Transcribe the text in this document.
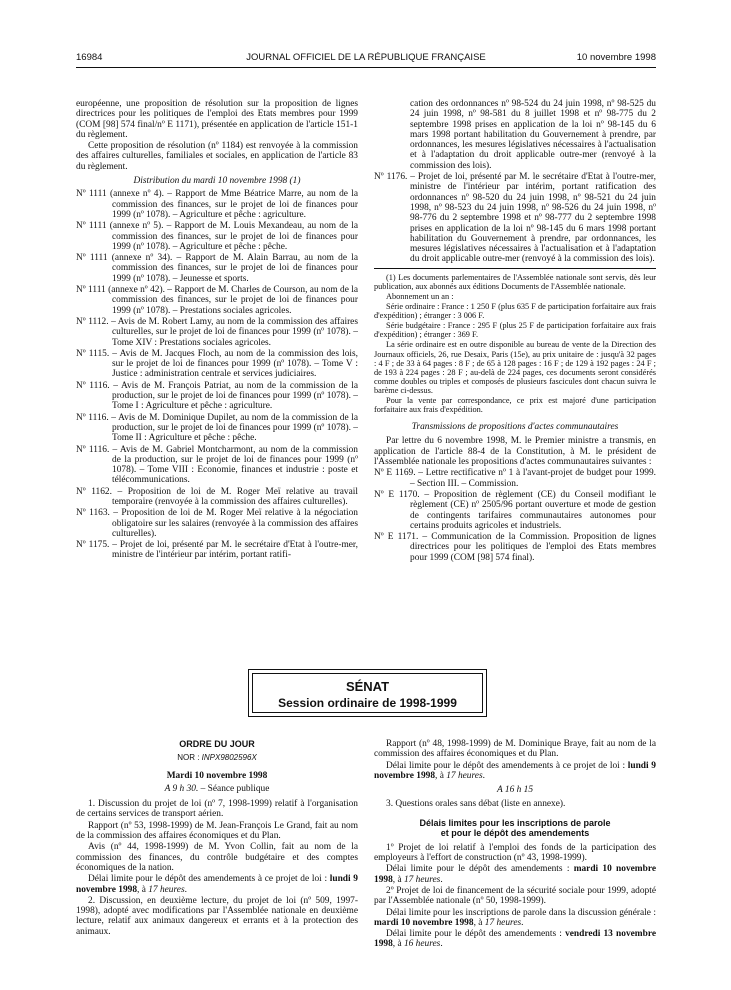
16984	JOURNAL OFFICIEL DE LA RÉPUBLIQUE FRANÇAISE	10 novembre 1998

européenne, une proposition de résolution sur la proposition de lignes directrices pour les politiques de l'emploi des Etats membres pour 1999 (COM [98] 574 final/nº E 1171), présentée en application de l'article 151-1 du règlement.

Cette proposition de résolution (nº 1184) est renvoyée à la commission des affaires culturelles, familiales et sociales, en application de l'article 83 du règlement.

Distribution du mardi 10 novembre 1998 (1)

Nº 1111 (annexe nº 4). – Rapport de Mme Béatrice Marre, au nom de la commission des finances, sur le projet de loi de finances pour 1999 (nº 1078). – Agriculture et pêche : agriculture.

Nº 1111 (annexe nº 5). – Rapport de M. Louis Mexandeau, au nom de la commission des finances, sur le projet de loi de finances pour 1999 (nº 1078). – Agriculture et pêche : pêche.

Nº 1111 (annexe nº 34). – Rapport de M. Alain Barrau, au nom de la commission des finances, sur le projet de loi de finances pour 1999 (nº 1078). – Jeunesse et sports.

Nº 1111 (annexe nº 42). – Rapport de M. Charles de Courson, au nom de la commission des finances, sur le projet de loi de finances pour 1999 (nº 1078). – Prestations sociales agricoles.

Nº 1112. – Avis de M. Robert Lamy, au nom de la commission des affaires culturelles, sur le projet de loi de finances pour 1999 (nº 1078). – Tome XIV : Prestations sociales agricoles.

Nº 1115. – Avis de M. Jacques Floch, au nom de la commission des lois, sur le projet de loi de finances pour 1999 (nº 1078). – Tome V : Justice : administration centrale et services judiciaires.

Nº 1116. – Avis de M. François Patriat, au nom de la commission de la production, sur le projet de loi de finances pour 1999 (nº 1078). – Tome I : Agriculture et pêche : agriculture.

Nº 1116. – Avis de M. Dominique Dupilet, au nom de la commission de la production, sur le projet de loi de finances pour 1999 (nº 1078). – Tome II : Agriculture et pêche : pêche.

Nº 1116. – Avis de M. Gabriel Montcharmont, au nom de la commission de la production, sur le projet de loi de finances pour 1999 (nº 1078). – Tome VIII : Economie, finances et industrie : poste et télécommunications.

Nº 1162. – Proposition de loi de M. Roger Meï relative au travail temporaire (renvoyée à la commission des affaires culturelles).

Nº 1163. – Proposition de loi de M. Roger Meï relative à la négociation obligatoire sur les salaires (renvoyée à la commission des affaires culturelles).

Nº 1175. – Projet de loi, présenté par M. le secrétaire d'Etat à l'outre-mer, ministre de l'intérieur par intérim, portant ratifi-

cation des ordonnances nº 98-524 du 24 juin 1998, nº 98-525 du 24 juin 1998, nº 98-581 du 8 juillet 1998 et nº 98-775 du 2 septembre 1998 prises en application de la loi nº 98-145 du 6 mars 1998 portant habilitation du Gouvernement à prendre, par ordonnances, les mesures législatives nécessaires à l'actualisation et à l'adaptation du droit applicable outre-mer (renvoyé à la commission des lois).

Nº 1176. – Projet de loi, présenté par M. le secrétaire d'Etat à l'outre-mer, ministre de l'intérieur par intérim, portant ratification des ordonnances nº 98-520 du 24 juin 1998, nº 98-521 du 24 juin 1998, nº 98-523 du 24 juin 1998, nº 98-526 du 24 juin 1998, nº 98-776 du 2 septembre 1998 et nº 98-777 du 2 septembre 1998 prises en application de la loi nº 98-145 du 6 mars 1998 portant habilitation du Gouvernement à prendre, par ordonnances, les mesures législatives nécessaires à l'actualisation et à l'adaptation du droit applicable outre-mer (renvoyé à la commission des lois).

(1) Les documents parlementaires de l'Assemblée nationale sont servis, dès leur publication, aux abonnés aux éditions Documents de l'Assemblée nationale.

Abonnement un an :

Série ordinaire : France : 1 250 F (plus 635 F de participation forfaitaire aux frais d'expédition) ; étranger : 3 006 F.

Série budgétaire : France : 295 F (plus 25 F de participation forfaitaire aux frais d'expédition) ; étranger : 369 F.

La série ordinaire est en outre disponible au bureau de vente de la Direction des Journaux officiels, 26, rue Desaix, Paris (15e), au prix unitaire de : jusqu'à 32 pages : 4 F ; de 33 à 64 pages : 8 F ; de 65 à 128 pages : 16 F ; de 129 à 192 pages : 24 F ; de 193 à 224 pages : 28 F ; au-delà de 224 pages, ces documents seront considérés comme doubles ou triples et composés de plusieurs fascicules dont chacun suivra le barème ci-dessus.

Pour la vente par correspondance, ce prix est majoré d'une participation forfaitaire aux frais d'expédition.

Transmissions de propositions d'actes communautaires

Par lettre du 6 novembre 1998, M. le Premier ministre a transmis, en application de l'article 88-4 de la Constitution, à M. le président de l'Assemblée nationale les propositions d'actes communautaires suivantes :

Nº E 1169. – Lettre rectificative nº 1 à l'avant-projet de budget pour 1999. – Section III. – Commission.

Nº E 1170. – Proposition de règlement (CE) du Conseil modifiant le règlement (CE) nº 2505/96 portant ouverture et mode de gestion de contingents tarifaires communautaires autonomes pour certains produits agricoles et industriels.

Nº E 1171. – Communication de la Commission. Proposition de lignes directrices pour les politiques de l'emploi des Etats membres pour 1999 (COM [98] 574 final).

SÉNAT
Session ordinaire de 1998-1999

ORDRE DU JOUR

NOR : INPX9802596X

Mardi 10 novembre 1998

A 9 h 30. – Séance publique

1. Discussion du projet de loi (nº 7, 1998-1999) relatif à l'organisation de certains services de transport aérien.

Rapport (nº 53, 1998-1999) de M. Jean-François Le Grand, fait au nom de la commission des affaires économiques et du Plan.

Avis (nº 44, 1998-1999) de M. Yvon Collin, fait au nom de la commission des finances, du contrôle budgétaire et des comptes économiques de la nation.

Délai limite pour le dépôt des amendements à ce projet de loi : lundi 9 novembre 1998, à 17 heures.

2. Discussion, en deuxième lecture, du projet de loi (nº 509, 1997-1998), adopté avec modifications par l'Assemblée nationale en deuxième lecture, relatif aux animaux dangereux et errants et à la protection des animaux.

Rapport (nº 48, 1998-1999) de M. Dominique Braye, fait au nom de la commission des affaires économiques et du Plan.

Délai limite pour le dépôt des amendements à ce projet de loi : lundi 9 novembre 1998, à 17 heures.

A 16 h 15

3. Questions orales sans débat (liste en annexe).

Délais limites pour les inscriptions de parole

et pour le dépôt des amendements

1º Projet de loi relatif à l'emploi des fonds de la participation des employeurs à l'effort de construction (nº 43, 1998-1999).

Délai limite pour le dépôt des amendements : mardi 10 novembre 1998, à 17 heures.

2º Projet de loi de financement de la sécurité sociale pour 1999, adopté par l'Assemblée nationale (nº 50, 1998-1999).

Délai limite pour les inscriptions de parole dans la discussion générale : mardi 10 novembre 1998, à 17 heures.

Délai limite pour le dépôt des amendements : vendredi 13 novembre 1998, à 16 heures.
